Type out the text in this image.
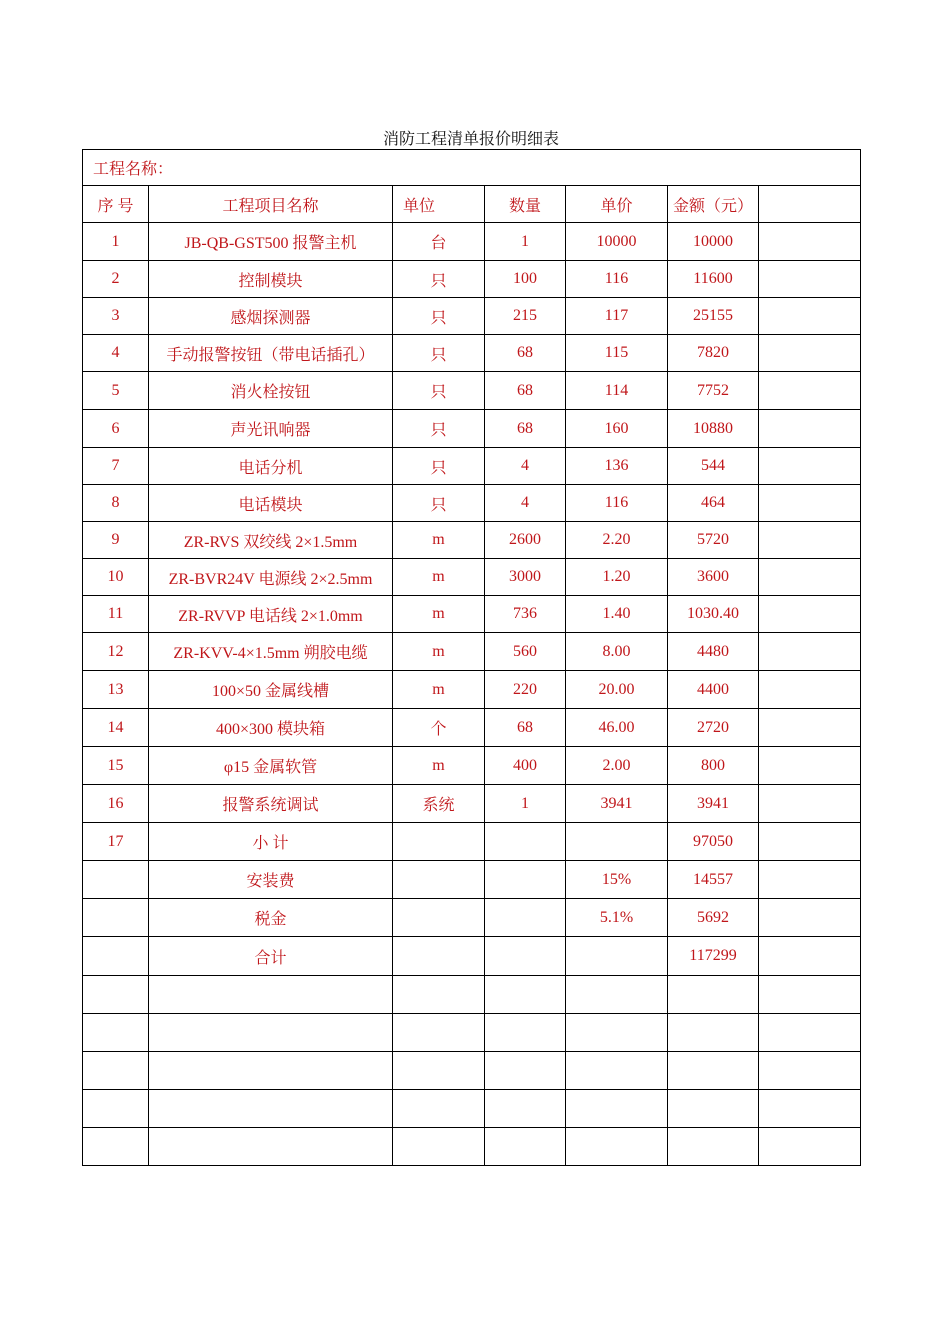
消防工程清单报价明细表
工程名称：						
序 号	工程项目名称	单位	数量	单价	金额（元）	
1	JB-QB-GST500 报警主机	台	1	10000	10000	
2	控制模块	只	100	116	11600	
3	感烟探测器	只	215	117	25155	
4	手动报警按钮（带电话插孔）	只	68	115	7820	
5	消火栓按钮	只	68	114	7752	
6	声光讯响器	只	68	160	10880	
7	电话分机	只	4	136	544	
8	电话模块	只	4	116	464	
9	ZR-RVS 双绞线 2×1.5mm	m	2600	2.20	5720	
10	ZR-BVR24V 电源线 2×2.5mm	m	3000	1.20	3600	
11	ZR-RVVP 电话线 2×1.0mm	m	736	1.40	1030.40	
12	ZR-KVV-4×1.5mm 朔胶电缆	m	560	8.00	4480	
13	100×50 金属线槽	m	220	20.00	4400	
14	400×300 模块箱	个	68	46.00	2720	
15	φ15 金属软管	m	400	2.00	800	
16	报警系统调试	系统	1	3941	3941	
17	小 计				97050	
	安装费			15%	14557	
	税金			5.1%	5692	
	合计				117299	
